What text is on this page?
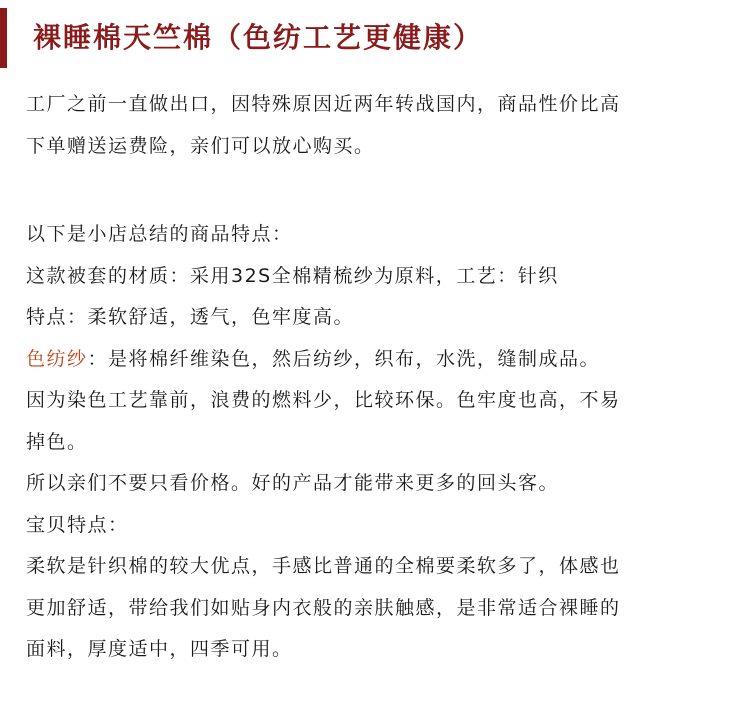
裸睡棉天竺棉（色纺工艺更健康）
工厂之前一直做出口，因特殊原因近两年转战国内，商品性价比高
下单赠送运费险，亲们可以放心购买。
以下是小店总结的商品特点：
这款被套的材质：采用32S全棉精梳纱为原料，工艺：针织
特点：柔软舒适，透气，色牢度高。
色纺纱：是将棉纤维染色，然后纺纱，织布，水洗，缝制成品。
因为染色工艺靠前，浪费的燃料少，比较环保。色牢度也高，不易
掉色。
所以亲们不要只看价格。好的产品才能带来更多的回头客。
宝贝特点：
柔软是针织棉的较大优点，手感比普通的全棉要柔软多了，体感也
更加舒适，带给我们如贴身内衣般的亲肤触感，是非常适合裸睡的
面料，厚度适中，四季可用。
